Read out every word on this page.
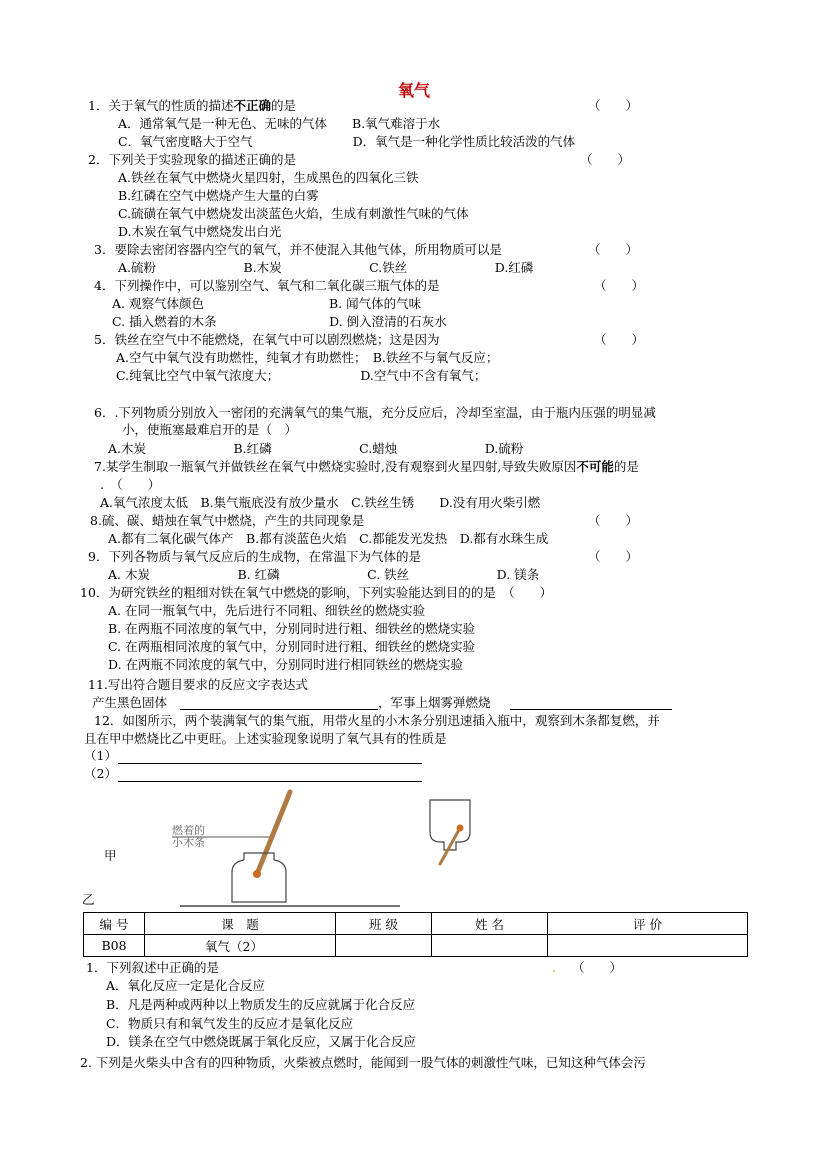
氧气
1．关于氧气的性质的描述不正确的是	（　　）
A．通常氧气是一种无色、无味的气体　　B.氧气难溶于水
C．氧气密度略大于空气　　　　　　　　D．氧气是一种化学性质比较活泼的气体
2．下列关于实验现象的描述正确的是	（　　）
A.铁丝在氧气中燃烧火星四射，生成黑色的四氧化三铁
B.红磷在空气中燃烧产生大量的白雾
C.硫磺在氧气中燃烧发出淡蓝色火焰，生成有刺激性气味的气体
D.木炭在氧气中燃烧发出白光
3．要除去密闭容器内空气的氧气，并不使混入其他气体，所用物质可以是	（　　）
A.硫粉　　　　　　　B.木炭　　　　　　　C.铁丝　　　　　　　D.红磷
4．下列操作中，可以鉴别空气、氧气和二氧化碳三瓶气体的是	（　　）
A. 观察气体颜色　　　　　　　　　　B. 闻气体的气味
C. 插入燃着的木条　　　　　　　　　D. 倒入澄清的石灰水
5．铁丝在空气中不能燃烧，在氧气中可以剧烈燃烧；这是因为	（　　）
A.空气中氧气没有助燃性，纯氧才有助燃性；　B.铁丝不与氧气反应；
C.纯氧比空气中氧气浓度大；　　　　　　　D.空气中不含有氧气；
6．.下列物质分别放入一密闭的充满氧气的集气瓶，充分反应后，冷却至室温，由于瓶内压强的明显减
小，使瓶塞最难启开的是（　）
A.木炭　　　　　　　B.红磷　　　　　　　C.蜡烛　　　　　　　D.硫粉
7.某学生制取一瓶氧气并做铁丝在氧气中燃烧实验时,没有观察到火星四射,导致失败原因不可能的是
.　（　　）
A.氧气浓度太低　B.集气瓶底没有放少量水　C.铁丝生锈　　D.没有用火柴引燃
8.硫、碳、蜡烛在氧气中燃烧，产生的共同现象是	（　　）
A.都有二氧化碳气体产　B.都有淡蓝色火焰　C.都能发光发热　D.都有水珠生成
9．下列各物质与氧气反应后的生成物，在常温下为气体的是	（　　）
A. 木炭　　　　　　　B. 红磷　　　　　　　C. 铁丝　　　　　　　D. 镁条
10．为研究铁丝的粗细对铁在氧气中燃烧的影响，下列实验能达到目的的是　（　　）
A. 在同一瓶氧气中，先后进行不同粗、细铁丝的燃烧实验
B. 在两瓶不同浓度的氧气中，分别同时进行粗、细铁丝的燃烧实验
C. 在两瓶相同浓度的氧气中，分别同时进行粗、细铁丝的燃烧实验
D. 在两瓶不同浓度的氧气中，分别同时进行相同铁丝的燃烧实验
11.写出符合题目要求的反应文字表达式
产生黑色固体	，军事上烟雾弹燃烧
12．如图所示，两个装满氧气的集气瓶，用带火星的小木条分别迅速插入瓶中，观察到木条都复燃，并
且在甲中燃烧比乙中更旺。上述实验现象说明了氧气具有的性质是
（1）
（2）
甲
乙
燃着的
小木条
编 号	课　题	班 级	姓 名	评 价
B08	氧气（2）			
1．下列叙述中正确的是	. （　　）
A．氧化反应一定是化合反应
B．凡是两种或两种以上物质发生的反应就属于化合反应
C．物质只有和氧气发生的反应才是氧化反应
D．镁条在空气中燃烧既属于氧化反应，又属于化合反应
2. 下列是火柴头中含有的四种物质，火柴被点燃时，能闻到一股气体的刺激性气味，已知这种气体会污
